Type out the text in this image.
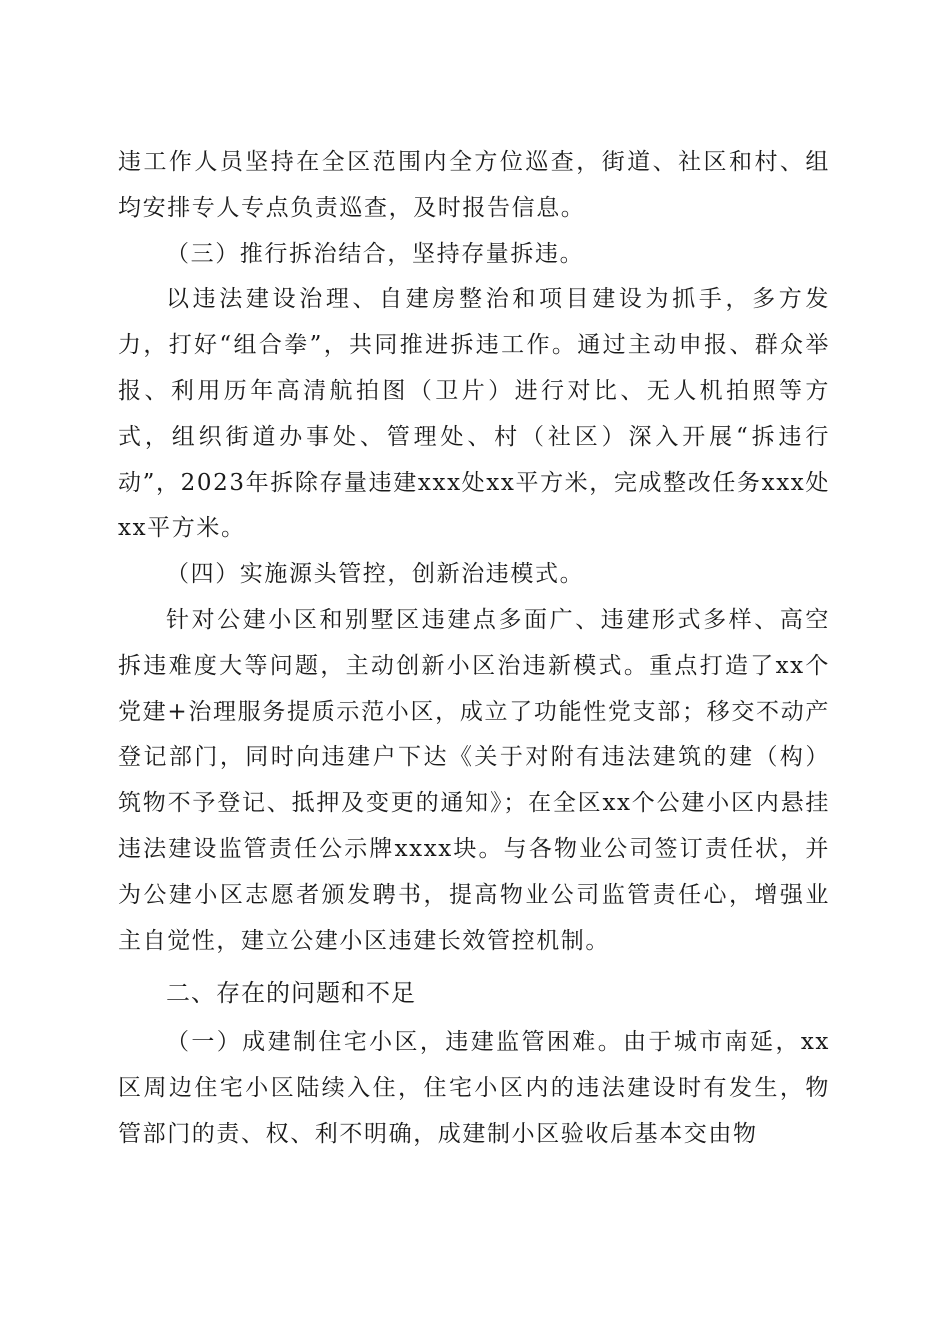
违工作人员坚持在全区范围内全方位巡查，街道、社区和村、组均安排专人专点负责巡查，及时报告信息。

（三）推行拆治结合，坚持存量拆违。

以违法建设治理、自建房整治和项目建设为抓手，多方发力，打好“组合拳”，共同推进拆违工作。通过主动申报、群众举报、利用历年高清航拍图（卫片）进行对比、无人机拍照等方式，组织街道办事处、管理处、村（社区）深入开展“拆违行动”，2023年拆除存量违建xxx处xx平方米，完成整改任务xxx处xx平方米。

（四）实施源头管控，创新治违模式。

针对公建小区和别墅区违建点多面广、违建形式多样、高空拆违难度大等问题，主动创新小区治违新模式。重点打造了xx个党建+治理服务提质示范小区，成立了功能性党支部；移交不动产登记部门，同时向违建户下达《关于对附有违法建筑的建（构）筑物不予登记、抵押及变更的通知》；在全区xx个公建小区内悬挂违法建设监管责任公示牌xxxx块。与各物业公司签订责任状，并为公建小区志愿者颁发聘书，提高物业公司监管责任心，增强业主自觉性，建立公建小区违建长效管控机制。

二、存在的问题和不足

（一）成建制住宅小区，违建监管困难。由于城市南延，xx区周边住宅小区陆续入住，住宅小区内的违法建设时有发生，物管部门的责、权、利不明确，成建制小区验收后基本交由物
